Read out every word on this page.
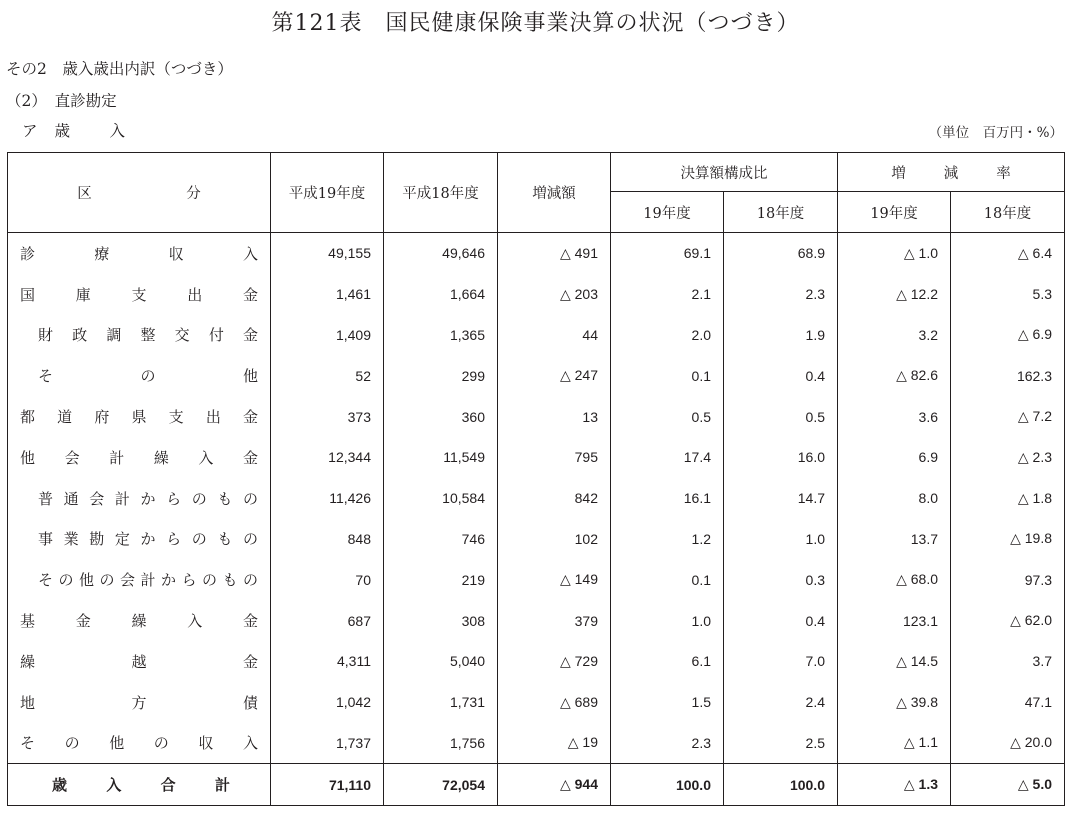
第121表　国民健康保険事業決算の状況（つづき）
その2　歳入歳出内訳（つづき）
（2）　直診勘定
ア 歳　入	（単位　百万円・%）
区　分	平成19年度	平成18年度	増減額	決算額構成比		増減率	
				19年度	18年度	19年度	18年度
診療収入	49,155	49,646	△ 491	69.1	68.9	△ 1.0	△ 6.4
国庫支出金	1,461	1,664	△ 203	2.1	2.3	△ 12.2	5.3
財政調整交付金	1,409	1,365	44	2.0	1.9	3.2	△ 6.9
その他	52	299	△ 247	0.1	0.4	△ 82.6	162.3
都道府県支出金	373	360	13	0.5	0.5	3.6	△ 7.2
他会計繰入金	12,344	11,549	795	17.4	16.0	6.9	△ 2.3
普通会計からのもの	11,426	10,584	842	16.1	14.7	8.0	△ 1.8
事業勘定からのもの	848	746	102	1.2	1.0	13.7	△ 19.8
その他の会計からのもの	70	219	△ 149	0.1	0.3	△ 68.0	97.3
基金繰入金	687	308	379	1.0	0.4	123.1	△ 62.0
繰越金	4,311	5,040	△ 729	6.1	7.0	△ 14.5	3.7
地方債	1,042	1,731	△ 689	1.5	2.4	△ 39.8	47.1
その他の収入	1,737	1,756	△ 19	2.3	2.5	△ 1.1	△ 20.0
歳入合計	71,110	72,054	△ 944	100.0	100.0	△ 1.3	△ 5.0
